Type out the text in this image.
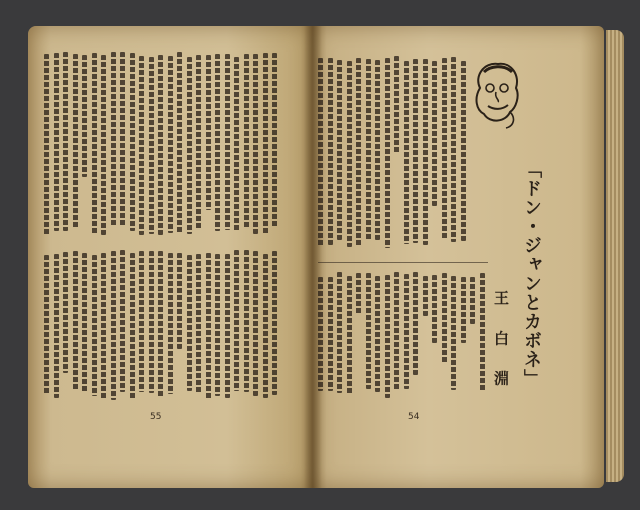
「ドン・ジャンとカボネ」
王 白 淵
55	54
